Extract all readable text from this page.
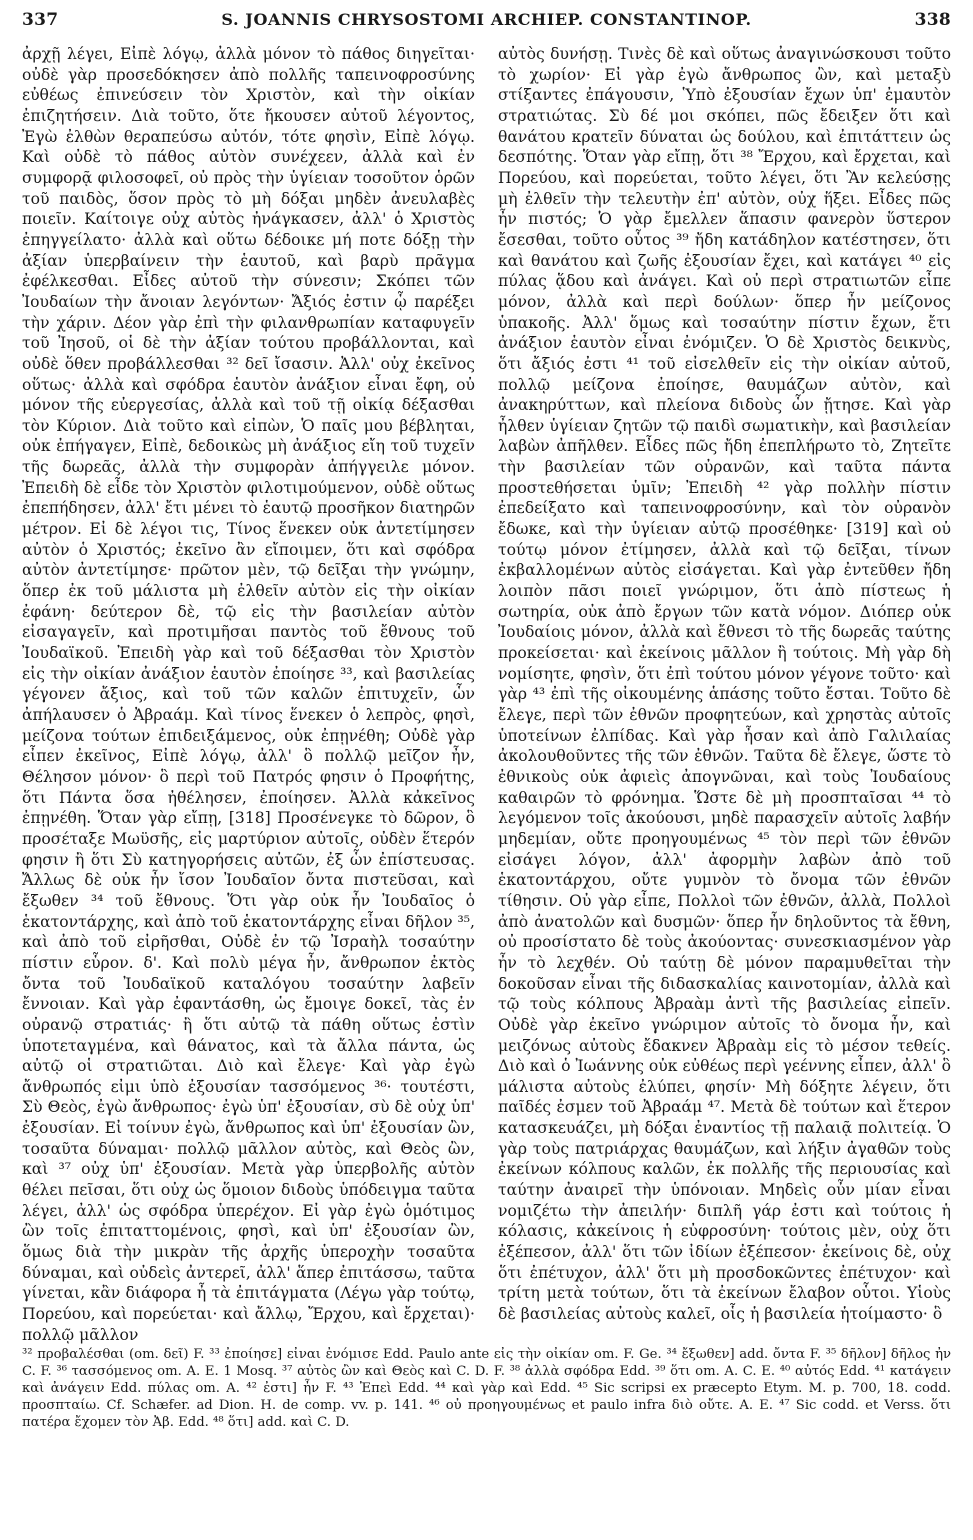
337	S. JOANNIS CHRYSOSTOMI ARCHIEP. CONSTANTINOP.	338

ἀρχῇ λέγει, Εἰπὲ λόγῳ, ἀλλὰ μόνον τὸ πάθος διηγεῖται· οὐδὲ γὰρ προσεδόκησεν ἀπὸ πολλῆς ταπεινοφροσύνης εὐθέως ἐπινεύσειν τὸν Χριστὸν, καὶ τὴν οἰκίαν ἐπιζητήσειν. Διὰ τοῦτο, ὅτε ἤκουσεν αὐτοῦ λέγοντος, Ἐγὼ ἐλθὼν θεραπεύσω αὐτόν, τότε φησὶν, Εἰπὲ λόγῳ. Καὶ οὐδὲ τὸ πάθος αὐτὸν συνέχεεν, ἀλλὰ καὶ ἐν συμφορᾷ φιλοσοφεῖ, οὐ πρὸς τὴν ὑγίειαν τοσοῦτον ὁρῶν τοῦ παιδὸς, ὅσον πρὸς τὸ μὴ δόξαι μηδὲν ἀνευλαβὲς ποιεῖν. Καίτοιγε οὐχ αὐτὸς ἠνάγκασεν, ἀλλ' ὁ Χριστὸς ἐπηγγείλατο· ἀλλὰ καὶ οὕτω δέδοικε μή ποτε δόξῃ τὴν ἀξίαν ὑπερβαίνειν τὴν ἑαυτοῦ, καὶ βαρὺ πρᾶγμα ἐφέλκεσθαι. Εἶδες αὐτοῦ τὴν σύνεσιν; Σκόπει τῶν Ἰουδαίων τὴν ἄνοιαν λεγόντων· Ἄξιός ἐστιν ᾧ παρέξει τὴν χάριν. Δέον γὰρ ἐπὶ τὴν φιλανθρωπίαν καταφυγεῖν τοῦ Ἰησοῦ, οἱ δὲ τὴν ἀξίαν τούτου προβάλλονται, καὶ οὐδὲ ὅθεν προβάλλεσθαι ³² δεῖ ἴσασιν. Ἀλλ' οὐχ ἐκεῖνος οὕτως· ἀλλὰ καὶ σφόδρα ἑαυτὸν ἀνάξιον εἶναι ἔφη, οὐ μόνον τῆς εὐεργεσίας, ἀλλὰ καὶ τοῦ τῇ οἰκίᾳ δέξασθαι τὸν Κύριον. Διὰ τοῦτο καὶ εἰπὼν, Ὁ παῖς μου βέβληται, οὐκ ἐπήγαγεν, Εἰπὲ, δεδοικὼς μὴ ἀνάξιος εἴη τοῦ τυχεῖν τῆς δωρεᾶς, ἀλλὰ τὴν συμφορὰν ἀπήγγειλε μόνον. Ἐπειδὴ δὲ εἶδε τὸν Χριστὸν φιλοτιμούμενον, οὐδὲ οὕτως ἐπεπήδησεν, ἀλλ' ἔτι μένει τὸ ἑαυτῷ προσῆκον διατηρῶν μέτρον. Εἰ δὲ λέγοι τις, Τίνος ἕνεκεν οὐκ ἀντετίμησεν αὐτὸν ὁ Χριστός; ἐκεῖνο ἂν εἴποιμεν, ὅτι καὶ σφόδρα αὐτὸν ἀντετίμησε· πρῶτον μὲν, τῷ δεῖξαι τὴν γνώμην, ὅπερ ἐκ τοῦ μάλιστα μὴ ἐλθεῖν αὐτὸν εἰς τὴν οἰκίαν ἐφάνη· δεύτερον δὲ, τῷ εἰς τὴν βασιλείαν αὐτὸν εἰσαγαγεῖν, καὶ προτιμῆσαι παντὸς τοῦ ἔθνους τοῦ Ἰουδαϊκοῦ. Ἐπειδὴ γὰρ καὶ τοῦ δέξασθαι τὸν Χριστὸν εἰς τὴν οἰκίαν ἀνάξιον ἑαυτὸν ἐποίησε ³³, καὶ βασιλείας γέγονεν ἄξιος, καὶ τοῦ τῶν καλῶν ἐπιτυχεῖν, ὧν ἀπήλαυσεν ὁ Ἀβραάμ. Καὶ τίνος ἕνεκεν ὁ λεπρὸς, φησὶ, μείζονα τούτων ἐπιδειξάμενος, οὐκ ἐπῃνέθη; Οὐδὲ γὰρ εἶπεν ἐκεῖνος, Εἰπὲ λόγῳ, ἀλλ' ὃ πολλῷ μεῖζον ἦν, Θέλησον μόνον· ὃ περὶ τοῦ Πατρός φησιν ὁ Προφήτης, ὅτι Πάντα ὅσα ἠθέλησεν, ἐποίησεν. Ἀλλὰ κἀκεῖνος ἐπῃνέθη. Ὅταν γὰρ εἴπῃ, [318] Προσένεγκε τὸ δῶρον, ὃ προσέταξε Μωϋσῆς, εἰς μαρτύριον αὐτοῖς, οὐδὲν ἕτερόν φησιν ἢ ὅτι Σὺ κατηγορήσεις αὐτῶν, ἐξ ὧν ἐπίστευσας. Ἄλλως δὲ οὐκ ἦν ἴσον Ἰουδαῖον ὄντα πιστεῦσαι, καὶ ἔξωθεν ³⁴ τοῦ ἔθνους. Ὅτι γὰρ οὐκ ἦν Ἰουδαῖος ὁ ἑκατοντάρχης, καὶ ἀπὸ τοῦ ἑκατοντάρχης εἶναι δῆλον ³⁵, καὶ ἀπὸ τοῦ εἰρῆσθαι, Οὐδὲ ἐν τῷ Ἰσραὴλ τοσαύτην πίστιν εὗρον. δ'. Καὶ πολὺ μέγα ἦν, ἄνθρωπον ἐκτὸς ὄντα τοῦ Ἰουδαϊκοῦ καταλόγου τοσαύτην λαβεῖν ἔννοιαν. Καὶ γὰρ ἐφαντάσθη, ὡς ἔμοιγε δοκεῖ, τὰς ἐν οὐρανῷ στρατιάς· ἢ ὅτι αὐτῷ τὰ πάθη οὕτως ἐστὶν ὑποτεταγμένα, καὶ θάνατος, καὶ τὰ ἄλλα πάντα, ὡς αὐτῷ οἱ στρατιῶται. Διὸ καὶ ἔλεγε· Καὶ γὰρ ἐγὼ ἄνθρωπός εἰμι ὑπὸ ἐξουσίαν τασσόμενος ³⁶· τουτέστι, Σὺ Θεὸς, ἐγὼ ἄνθρωπος· ἐγὼ ὑπ' ἐξουσίαν, σὺ δὲ οὐχ ὑπ' ἐξουσίαν. Εἰ τοίνυν ἐγὼ, ἄνθρωπος καὶ ὑπ' ἐξουσίαν ὢν, τοσαῦτα δύναμαι· πολλῷ μᾶλλον αὐτὸς, καὶ Θεὸς ὢν, καὶ ³⁷ οὐχ ὑπ' ἐξουσίαν. Μετὰ γὰρ ὑπερβολῆς αὐτὸν θέλει πεῖσαι, ὅτι οὐχ ὡς ὅμοιον διδοὺς ὑπόδειγμα ταῦτα λέγει, ἀλλ' ὡς σφόδρα ὑπερέχον. Εἰ γὰρ ἐγὼ ὁμότιμος ὢν τοῖς ἐπιταττομένοις, φησὶ, καὶ ὑπ' ἐξουσίαν ὢν, ὅμως διὰ τὴν μικρὰν τῆς ἀρχῆς ὑπεροχὴν τοσαῦτα δύναμαι, καὶ οὐδεὶς ἀντερεῖ, ἀλλ' ἅπερ ἐπιτάσσω, ταῦτα γίνεται, κἂν διάφορα ἦ τὰ ἐπιτάγματα (Λέγω γὰρ τούτῳ, Πορεύου, καὶ πορεύεται· καὶ ἄλλῳ, Ἔρχου, καὶ ἔρχεται)· πολλῷ μᾶλλον

αὐτὸς δυνήσῃ. Τινὲς δὲ καὶ οὕτως ἀναγινώσκουσι τοῦτο τὸ χωρίον· Εἰ γὰρ ἐγὼ ἄνθρωπος ὢν, καὶ μεταξὺ στίξαντες ἐπάγουσιν, Ὑπὸ ἐξουσίαν ἔχων ὑπ' ἐμαυτὸν στρατιώτας. Σὺ δέ μοι σκόπει, πῶς ἔδειξεν ὅτι καὶ θανάτου κρατεῖν δύναται ὡς δούλου, καὶ ἐπιτάττειν ὡς δεσπότης. Ὅταν γὰρ εἴπῃ, ὅτι ³⁸ Ἔρχου, καὶ ἔρχεται, καὶ Πορεύου, καὶ πορεύεται, τοῦτο λέγει, ὅτι Ἂν κελεύσῃς μὴ ἐλθεῖν τὴν τελευτὴν ἐπ' αὐτὸν, οὐχ ἥξει. Εἶδες πῶς ἦν πιστός; Ὁ γὰρ ἔμελλεν ἅπασιν φανερὸν ὕστερον ἔσεσθαι, τοῦτο οὗτος ³⁹ ἤδη κατάδηλον κατέστησεν, ὅτι καὶ θανάτου καὶ ζωῆς ἐξουσίαν ἔχει, καὶ κατάγει ⁴⁰ εἰς πύλας ᾅδου καὶ ἀνάγει. Καὶ οὐ περὶ στρατιωτῶν εἶπε μόνον, ἀλλὰ καὶ περὶ δούλων· ὅπερ ἦν μείζονος ὑπακοῆς. Ἀλλ' ὅμως καὶ τοσαύτην πίστιν ἔχων, ἔτι ἀνάξιον ἑαυτὸν εἶναι ἐνόμιζεν. Ὁ δὲ Χριστὸς δεικνὺς, ὅτι ἄξιός ἐστι ⁴¹ τοῦ εἰσελθεῖν εἰς τὴν οἰκίαν αὐτοῦ, πολλῷ μείζονα ἐποίησε, θαυμάζων αὐτὸν, καὶ ἀνακηρύττων, καὶ πλείονα διδοὺς ὧν ᾔτησε. Καὶ γὰρ ἦλθεν ὑγίειαν ζητῶν τῷ παιδὶ σωματικὴν, καὶ βασιλείαν λαβὼν ἀπῆλθεν. Εἶδες πῶς ἤδη ἐπεπλήρωτο τὸ, Ζητεῖτε τὴν βασιλείαν τῶν οὐρανῶν, καὶ ταῦτα πάντα προστεθήσεται ὑμῖν; Ἐπειδὴ ⁴² γὰρ πολλὴν πίστιν ἐπεδείξατο καὶ ταπεινοφροσύνην, καὶ τὸν οὐρανὸν ἔδωκε, καὶ τὴν ὑγίειαν αὐτῷ προσέθηκε· [319] καὶ οὐ τούτῳ μόνον ἐτίμησεν, ἀλλὰ καὶ τῷ δεῖξαι, τίνων ἐκβαλλομένων αὐτὸς εἰσάγεται. Καὶ γὰρ ἐντεῦθεν ἤδη λοιπὸν πᾶσι ποιεῖ γνώριμον, ὅτι ἀπὸ πίστεως ἡ σωτηρία, οὐκ ἀπὸ ἔργων τῶν κατὰ νόμον. Διόπερ οὐκ Ἰουδαίοις μόνον, ἀλλὰ καὶ ἔθνεσι τὸ τῆς δωρεᾶς ταύτης προκείσεται· καὶ ἐκείνοις μᾶλλον ἢ τούτοις. Μὴ γὰρ δὴ νομίσητε, φησὶν, ὅτι ἐπὶ τούτου μόνον γέγονε τοῦτο· καὶ γὰρ ⁴³ ἐπὶ τῆς οἰκουμένης ἁπάσης τοῦτο ἔσται. Τοῦτο δὲ ἔλεγε, περὶ τῶν ἐθνῶν προφητεύων, καὶ χρηστὰς αὐτοῖς ὑποτείνων ἐλπίδας. Καὶ γὰρ ἦσαν καὶ ἀπὸ Γαλιλαίας ἀκολουθοῦντες τῆς τῶν ἐθνῶν. Ταῦτα δὲ ἔλεγε, ὥστε τὸ ἐθνικοὺς οὐκ ἀφιεὶς ἀπογνῶναι, καὶ τοὺς Ἰουδαίους καθαιρῶν τὸ φρόνημα. Ὥστε δὲ μὴ προσπταῖσαι ⁴⁴ τὸ λεγόμενον τοῖς ἀκούουσι, μηδὲ παρασχεῖν αὐτοῖς λαβήν μηδεμίαν, οὔτε προηγουμένως ⁴⁵ τὸν περὶ τῶν ἐθνῶν εἰσάγει λόγον, ἀλλ' ἀφορμὴν λαβὼν ἀπὸ τοῦ ἑκατοντάρχου, οὔτε γυμνὸν τὸ ὄνομα τῶν ἐθνῶν τίθησιν. Οὐ γὰρ εἶπε, Πολλοὶ τῶν ἐθνῶν, ἀλλὰ, Πολλοὶ ἀπὸ ἀνατολῶν καὶ δυσμῶν· ὅπερ ἦν δηλοῦντος τὰ ἔθνη, οὐ προσίστατο δὲ τοὺς ἀκούοντας· συνεσκιασμένον γὰρ ἦν τὸ λεχθέν. Οὐ ταύτῃ δὲ μόνον παραμυθεῖται τὴν δοκοῦσαν εἶναι τῆς διδασκαλίας καινοτομίαν, ἀλλὰ καὶ τῷ τοὺς κόλπους Ἀβραὰμ ἀντὶ τῆς βασιλείας εἰπεῖν. Οὐδὲ γὰρ ἐκεῖνο γνώριμον αὐτοῖς τὸ ὄνομα ἦν, καὶ μειζόνως αὐτοὺς ἔδακνεν Ἀβραὰμ εἰς τὸ μέσον τεθείς. Διὸ καὶ ὁ Ἰωάννης οὐκ εὐθέως περὶ γεέννης εἶπεν, ἀλλ' ὃ μάλιστα αὐτοὺς ἐλύπει, φησίν· Μὴ δόξητε λέγειν, ὅτι παῖδές ἐσμεν τοῦ Ἀβραάμ ⁴⁷. Μετὰ δὲ τούτων καὶ ἕτερον κατασκευάζει, μὴ δόξαι ἐναντίος τῇ παλαιᾷ πολιτείᾳ. Ὁ γὰρ τοὺς πατριάρχας θαυμάζων, καὶ λήξιν ἀγαθῶν τοὺς ἐκείνων κόλπους καλῶν, ἐκ πολλῆς τῆς περιουσίας καὶ ταύτην ἀναιρεῖ τὴν ὑπόνοιαν. Μηδεὶς οὖν μίαν εἶναι νομιζέτω τὴν ἀπειλήν· διπλῆ γάρ ἐστι καὶ τούτοις ἡ κόλασις, κἀκείνοις ἡ εὐφροσύνη· τούτοις μὲν, οὐχ ὅτι ἐξέπεσον, ἀλλ' ὅτι τῶν ἰδίων ἐξέπεσον· ἐκείνοις δὲ, οὐχ ὅτι ἐπέτυχον, ἀλλ' ὅτι μὴ προσδοκῶντες ἐπέτυχον· καὶ τρίτη μετὰ τούτων, ὅτι τὰ ἐκείνων ἔλαβον οὗτοι. Υἱοὺς δὲ βασιλείας αὐτοὺς καλεῖ, οἷς ἡ βασιλεία ἡτοίμαστο· ὃ

³² προβαλέσθαι (om. δεῖ) F. ³³ ἐποίησε] εἶναι ἐνόμισε Edd. Paulo ante εἰς τὴν οἰκίαν om. F. Ge. ³⁴ ἔξωθεν] add. ὄντα F. ³⁵ δῆλον] δῆλος ἦν C. F. ³⁶ τασσόμενος om. A. E. 1 Mosq. ³⁷ αὐτὸς ὢν καὶ Θεὸς καὶ C. D. F. ³⁸ ἀλλὰ σφόδρα Edd. ³⁹ ὅτι om. A. C. E. ⁴⁰ αὐτός Edd. ⁴¹ κατάγειν καὶ ἀνάγειν Edd. πύλας om. A. ⁴² ἐστι] ἦν F. ⁴³ Ἐπεὶ Edd. ⁴⁴ καὶ γὰρ καὶ Edd. ⁴⁵ Sic scripsi ex præcepto Etym. M. p. 700, 18. codd. προσπταίω. Cf. Schæfer. ad Dion. H. de comp. vv. p. 141. ⁴⁶ οὐ προηγουμένως et paulo infra διὸ οὔτε. A. E. ⁴⁷ Sic codd. et Verss. ὅτι πατέρα ἔχομεν τὸν Ἀβ. Edd. ⁴⁸ ὅτι] add. καὶ C. D.
